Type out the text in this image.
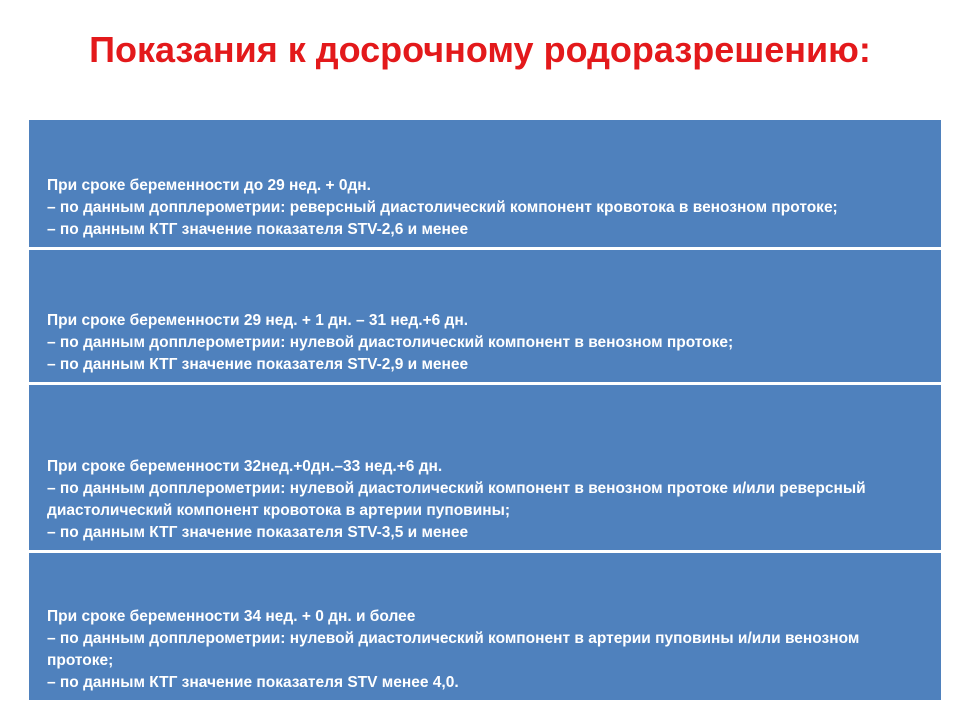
Показания к досрочному родоразрешению:
При сроке беременности до 29 нед. + 0дн.
– по данным допплерометрии: реверсный диастолический компонент кровотока в венозном протоке;
– по данным КТГ значение показателя STV-2,6 и менее
При сроке беременности 29 нед. + 1 дн. – 31 нед.+6 дн.
– по данным допплерометрии: нулевой диастолический компонент в венозном протоке;
– по данным КТГ значение показателя STV-2,9 и менее
При сроке беременности 32нед.+0дн.–33 нед.+6 дн.
– по данным допплерометрии: нулевой диастолический компонент в венозном протоке и/или реверсный диастолический компонент кровотока в артерии пуповины;
– по данным КТГ значение показателя STV-3,5 и менее
При сроке беременности 34 нед. + 0 дн. и более
– по данным допплерометрии: нулевой диастолический компонент в артерии пуповины и/или венозном протоке;
– по данным КТГ значение показателя STV менее 4,0.
